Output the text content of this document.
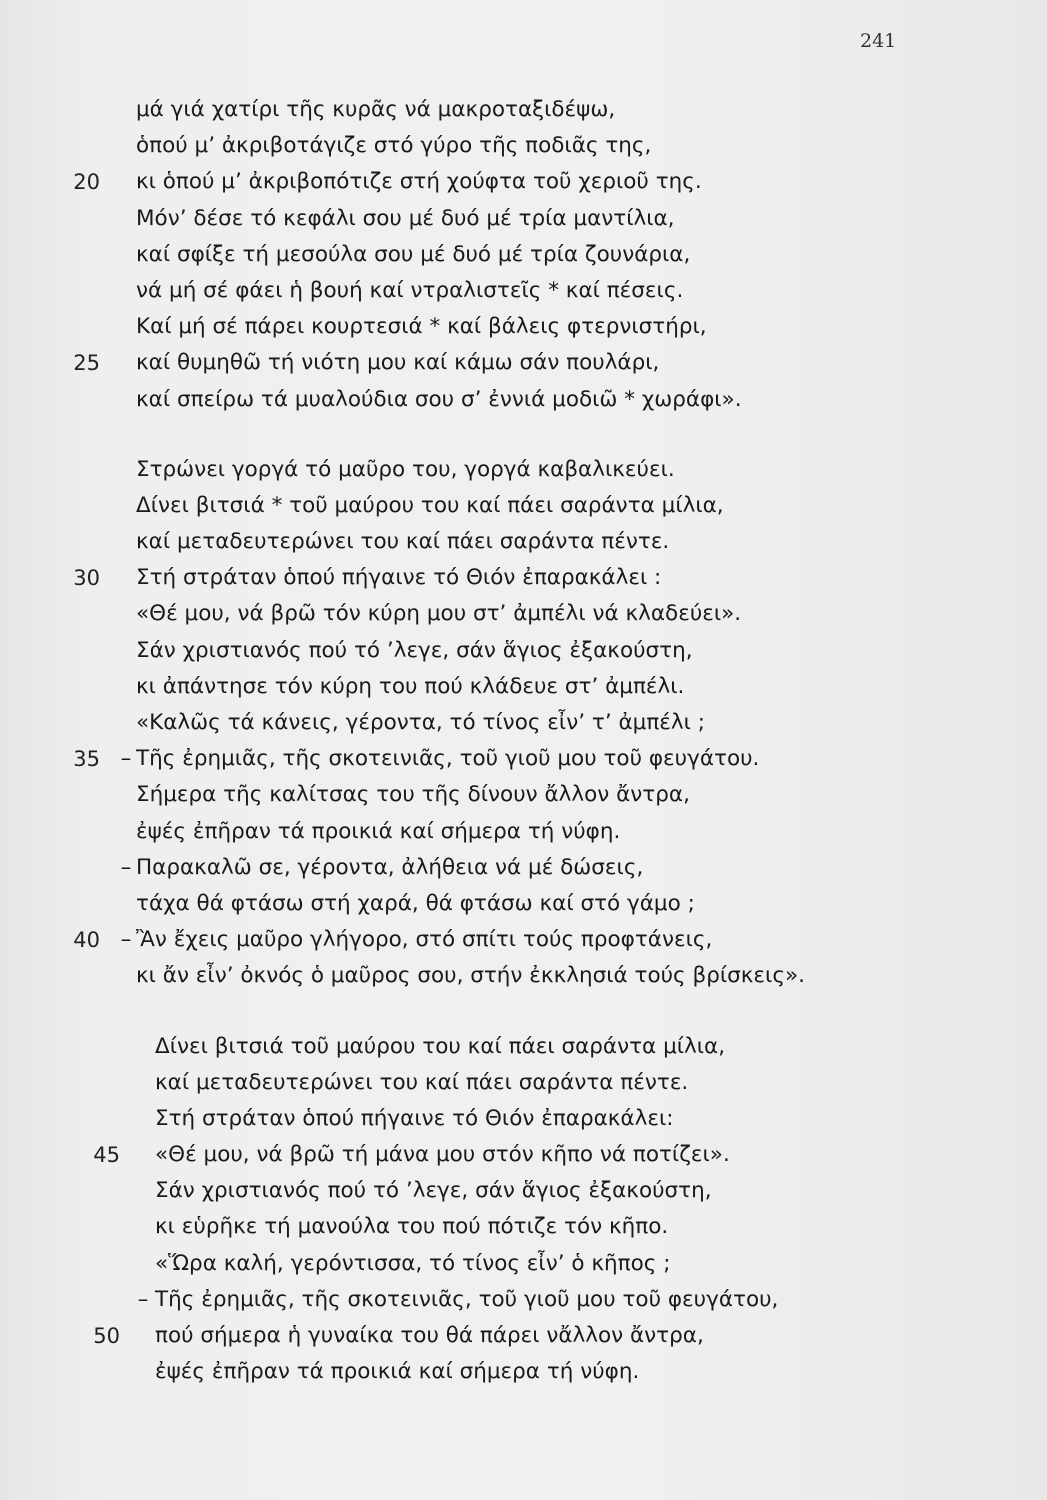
241
μά γιά χατίρι τῆς κυρᾶς νά μακροταξιδέψω,
ὁπού μ’ ἀκριβοτάγιζε στό γύρο τῆς ποδιᾶς της,
20 κι ὁπού μ’ ἀκριβοπότιζε στή χούφτα τοῦ χεριοῦ της.
Μόν’ δέσε τό κεφάλι σου μέ δυό μέ τρία μαντίλια,
καί σφίξε τή μεσούλα σου μέ δυό μέ τρία ζουνάρια,
νά μή σέ φάει ἡ βουή καί ντραλιστεῖς * καί πέσεις.
Καί μή σέ πάρει κουρτεσιά * καί βάλεις φτερνιστήρι,
25 καί θυμηθῶ τή νιότη μου καί κάμω σάν πουλάρι,
καί σπείρω τά μυαλούδια σου σ’ ἐννιά μοδιῶ * χωράφι».
Στρώνει γοργά τό μαῦρο του, γοργά καβαλικεύει.
Δίνει βιτσιά * τοῦ μαύρου του καί πάει σαράντα μίλια,
καί μεταδευτερώνει του καί πάει σαράντα πέντε.
30 Στή στράταν ὁπού πήγαινε τό Θιόν ἐπαρακάλει :
«Θέ μου, νά βρῶ τόν κύρη μου στ’ ἀμπέλι νά κλαδεύει».
Σάν χριστιανός πού τό ’λεγε, σάν ἅγιος ἐξακούστη,
κι ἀπάντησε τόν κύρη του πού κλάδευε στ’ ἀμπέλι.
«Καλῶς τά κάνεις, γέροντα, τό τίνος εἶν’ τ’ ἀμπέλι ;
35 – Τῆς ἐρημιᾶς, τῆς σκοτεινιᾶς, τοῦ γιοῦ μου τοῦ φευγάτου.
Σήμερα τῆς καλίτσας του τῆς δίνουν ἄλλον ἄντρα,
ἐψές ἐπῆραν τά προικιά καί σήμερα τή νύφη.
– Παρακαλῶ σε, γέροντα, ἀλήθεια νά μέ δώσεις,
τάχα θά φτάσω στή χαρά, θά φτάσω καί στό γάμο ;
40 – Ἂν ἔχεις μαῦρο γλήγορο, στό σπίτι τούς προφτάνεις,
κι ἄν εἶν’ ὀκνός ὁ μαῦρος σου, στήν ἐκκλησιά τούς βρίσκεις».
Δίνει βιτσιά τοῦ μαύρου του καί πάει σαράντα μίλια,
καί μεταδευτερώνει του καί πάει σαράντα πέντε.
Στή στράταν ὁπού πήγαινε τό Θιόν ἐπαρακάλει:
45 «Θέ μου, νά βρῶ τή μάνα μου στόν κῆπο νά ποτίζει».
Σάν χριστιανός πού τό ’λεγε, σάν ἅγιος ἐξακούστη,
κι εὑρῆκε τή μανούλα του πού πότιζε τόν κῆπο.
«Ὥρα καλή, γερόντισσα, τό τίνος εἶν’ ὁ κῆπος ;
– Τῆς ἐρημιᾶς, τῆς σκοτεινιᾶς, τοῦ γιοῦ μου τοῦ φευγάτου,
50 πού σήμερα ἡ γυναίκα του θά πάρει νἄλλον ἄντρα,
ἐψές ἐπῆραν τά προικιά καί σήμερα τή νύφη.
